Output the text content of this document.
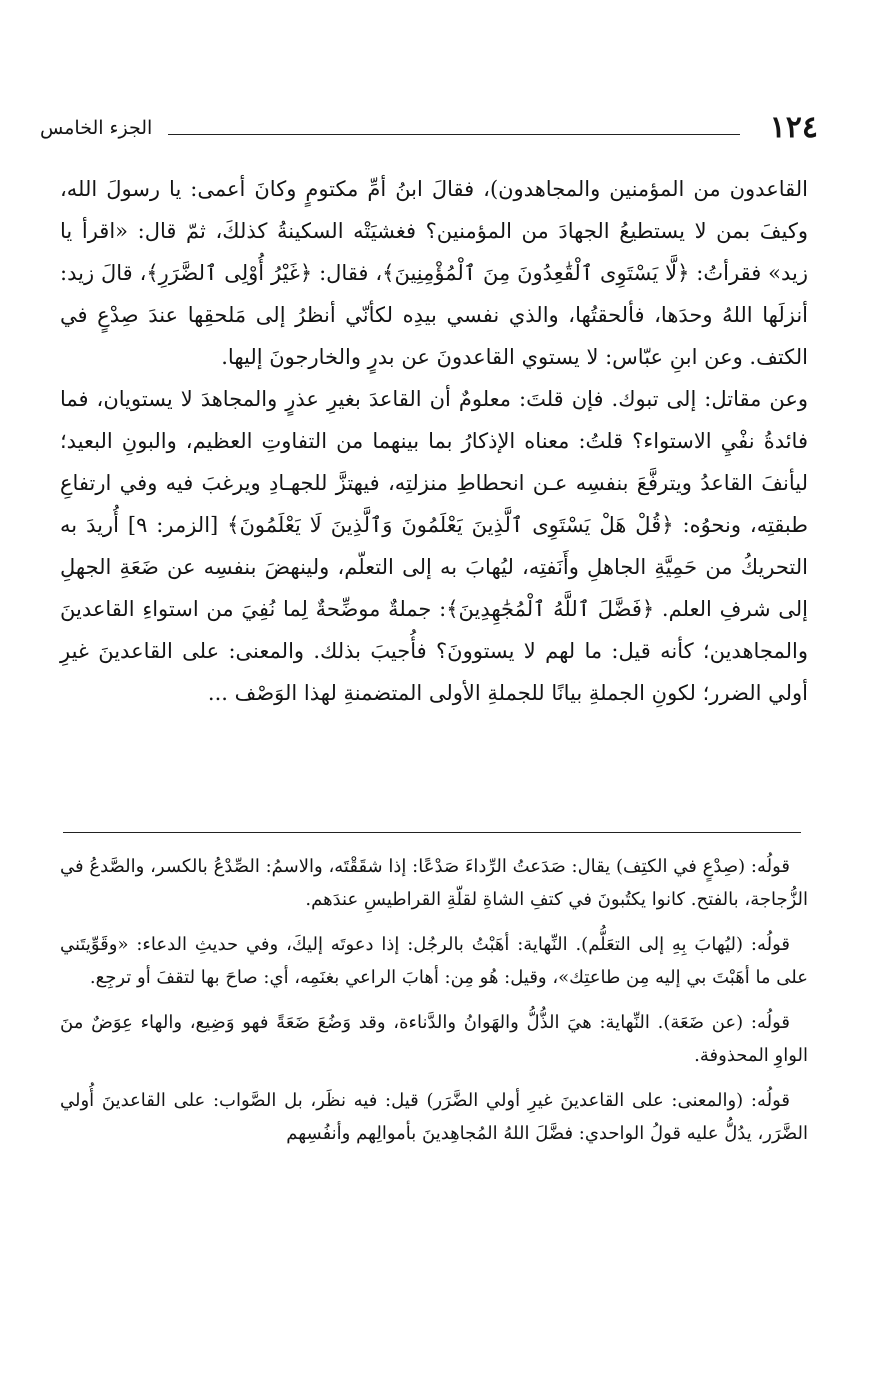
١٢٤
الجزء الخامس

القاعدون من المؤمنين والمجاهدون)، فقالَ ابنُ أمِّ مكتومٍ وكانَ أعمى: يا رسولَ الله، وكيفَ بمن لا يستطيعُ الجهادَ من المؤمنين؟ فغشيَتْه السكينةُ كذلكَ، ثمّ قال: «اقرأ يا زيد» فقرأتُ: ﴿لَّا يَسْتَوِى ٱلْقَٰعِدُونَ مِنَ ٱلْمُؤْمِنِينَ﴾، فقال: ﴿غَيْرُ أُوْلِى ٱلضَّرَرِ﴾، قالَ زيد: أنزلَها اللهُ وحدَها، فألحقتُها، والذي نفسي بيدِه لكأنّي أنظرُ إلى مَلحقِها عندَ صِدْعٍ في الكتف. وعن ابنِ عبّاس: لا يستوي القاعدونَ عن بدرٍ والخارجونَ إليها.

وعن مقاتل: إلى تبوك. فإن قلتَ: معلومٌ أن القاعدَ بغيرِ عذرٍ والمجاهدَ لا يستويان، فما فائدةُ نفْيِ الاستواء؟ قلتُ: معناه الإذكارُ بما بينهما من التفاوتِ العظيم، والبونِ البعيد؛ ليأنفَ القاعدُ ويترفَّعَ بنفسِه عـن انحطاطِ منزلتِه، فيهتزَّ للجهـادِ ويرغبَ فيه وفي ارتفاعِ طبقتِه، ونحوُه: ﴿قُلْ هَلْ يَسْتَوِى ٱلَّذِينَ يَعْلَمُونَ وَٱلَّذِينَ لَا يَعْلَمُونَ﴾ [الزمر: ٩] أُريدَ به التحريكُ من حَمِيَّةِ الجاهلِ وأَنَفتِه، ليُهابَ به إلى التعلّم، ولينهضَ بنفسِه عن ضَعَةِ الجهلِ إلى شرفِ العلم. ﴿فَضَّلَ ٱللَّهُ ٱلْمُجَٰهِدِينَ﴾: جملةٌ موضِّحةٌ لِما نُفِيَ من استواءِ القاعدينَ والمجاهدين؛ كأنه قيل: ما لهم لا يستوونَ؟ فأُجيبَ بذلك. والمعنى: على القاعدينَ غيرِ أولي الضرر؛ لكونِ الجملةِ بيانًا للجملةِ الأولى المتضمنةِ لهذا الوَصْف ...

قولُه: (صِدْعٍ في الكتِف) يقال: صَدَعتُ الرِّداءَ صَدْعًا: إذا شقَقْتَه، والاسمُ: الصِّدْعُ بالكسر، والصَّدعُ في الزُّجاجة، بالفتح. كانوا يكتُبونَ في كتفِ الشاةِ لقلّةِ القراطيسِ عندَهم.

قولُه: (ليُهابَ بِهِ إلى التعَلُّم). النِّهاية: أهَبْتُ بالرجُل: إذا دعوتَه إليكَ، وفي حديثِ الدعاء: «وقَوِّيتَني على ما أهَبْتَ بي إليه مِن طاعتِك»، وقيل: هُو مِن: أهابَ الراعي بغنَمِه، أي: صاحَ بها لتقفَ أو ترجِع.

قولُه: (عن ضَعَة). النِّهاية: هيَ الذُّلُّ والهَوانُ والدَّناءة، وقد وَضُعَ ضَعَةً فهو وَضِيع، والهاء عِوَضٌ منَ الواوِ المحذوفة.

قولُه: (والمعنى: على القاعدينَ غيرِ أولي الضَّرَر) قيل: فيه نظَر، بل الصَّواب: على القاعدينَ أُولي الضَّرَر، يدُلُّ عليه قولُ الواحدي: فضَّلَ اللهُ المُجاهِدينَ بأموالِهم وأنفُسِهم
